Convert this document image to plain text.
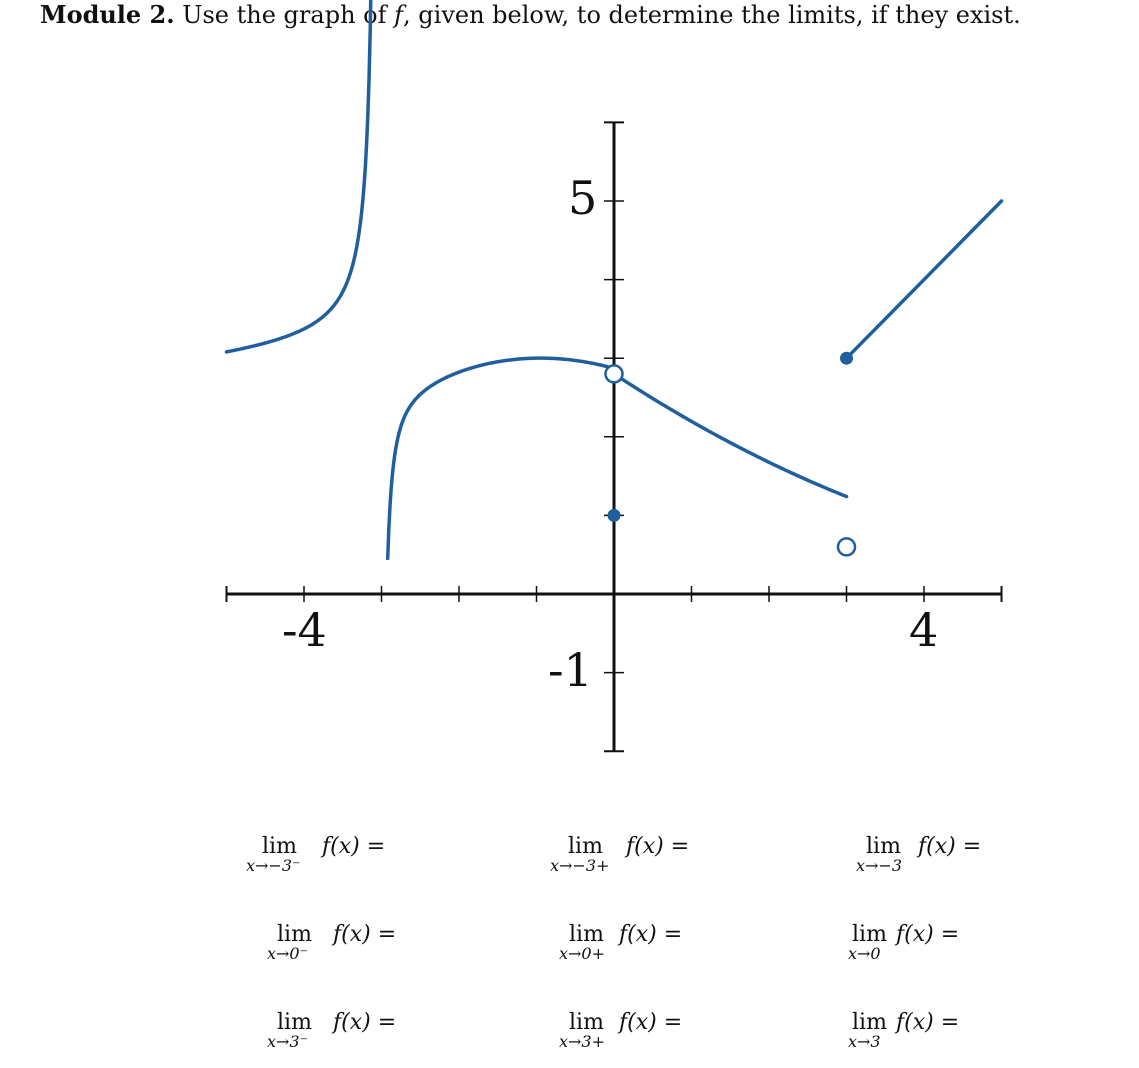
Module 2. Use the graph of f, given below, to determine the limits, if they exist.
5
-1
-4	4
lim f(x) =
x→−3⁻
lim f(x) =
x→−3+
lim f(x) =
x→−3
lim f(x) =
x→0⁻
lim f(x) =
x→0+
lim f(x) =
x→0
lim f(x) =
x→3⁻
lim f(x) =
x→3+
lim f(x) =
x→3
